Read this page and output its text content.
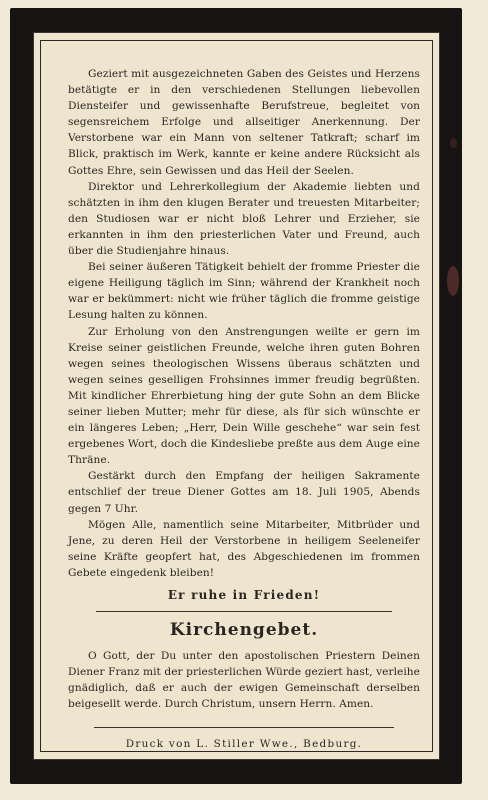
Geziert mit ausgezeichneten Gaben des Geistes und Herzens betätigte er in den verschiedenen Stellungen liebevollen Diensteifer und gewissenhafte Berufstreue, begleitet von segensreichem Erfolge und allseitiger Anerkennung. Der Verstorbene war ein Mann von seltener Tatkraft; scharf im Blick, praktisch im Werk, kannte er keine andere Rücksicht als Gottes Ehre, sein Gewissen und das Heil der Seelen.

Direktor und Lehrerkollegium der Akademie liebten und schätzten in ihm den klugen Berater und treuesten Mitarbeiter; den Studiosen war er nicht bloß Lehrer und Erzieher, sie erkannten in ihm den priesterlichen Vater und Freund, auch über die Studienjahre hinaus.

Bei seiner äußeren Tätigkeit behielt der fromme Priester die eigene Heiligung täglich im Sinn; während der Krankheit noch war er bekümmert: nicht wie früher täglich die fromme geistige Lesung halten zu können.

Zur Erholung von den Anstrengungen weilte er gern im Kreise seiner geistlichen Freunde, welche ihren guten Bohren wegen seines theologischen Wissens überaus schätzten und wegen seines geselligen Frohsinnes immer freudig begrüßten. Mit kindlicher Ehrerbietung hing der gute Sohn an dem Blicke seiner lieben Mutter; mehr für diese, als für sich wünschte er ein längeres Leben; „Herr, Dein Wille geschehe“ war sein fest ergebenes Wort, doch die Kindesliebe preßte aus dem Auge eine Thräne.

Gestärkt durch den Empfang der heiligen Sakramente entschlief der treue Diener Gottes am 18. Juli 1905, Abends gegen 7 Uhr.

Mögen Alle, namentlich seine Mitarbeiter, Mitbrüder und Jene, zu deren Heil der Verstorbene in heiligem Seeleneifer seine Kräfte geopfert hat, des Abgeschiedenen im frommen Gebete eingedenk bleiben!

Er ruhe in Frieden!
Kirchengebet.

O Gott, der Du unter den apostolischen Priestern Deinen Diener Franz mit der priesterlichen Würde geziert hast, verleihe gnädiglich, daß er auch der ewigen Gemeinschaft derselben beigesellt werde. Durch Christum, unsern Herrn. Amen.

Druck von L. Stiller Wwe., Bedburg.
